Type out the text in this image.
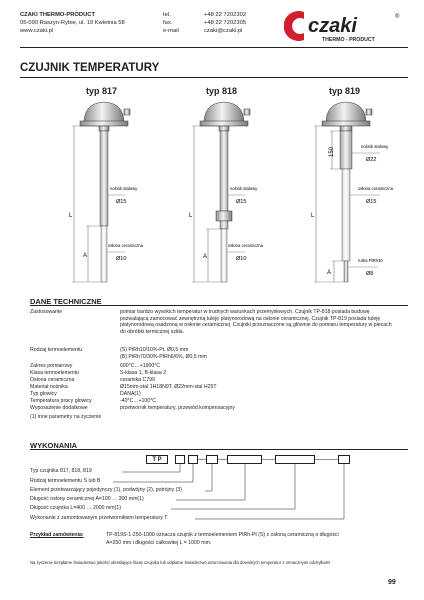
CZAKI THERMO-PRODUCT
05-090 Raszyn-Rybie, ul. 19 Kwietnia 58
www.czaki.pl
tel.
fax.
e-mail
+48 22 7202302
+48 22 7202305
czaki@czaki.pl	czaki	®
THERMO - PRODUCT
CZUJNIK TEMPERATURY
typ 817	typ 818	typ 819
L
A
nośnik stalowy
Ø15
osłona ceramiczna
Ø10
L
A
nośnik stalowy
Ø15
osłona ceramiczna
Ø10
150
L
A
nośnik stalowy
Ø22
osłona ceramiczna
Ø15
rurka PtRh30
Ø8
DANE TECHNICZNE
Zastosowanie	pomiar bardzo wysokich temperatur w trudnych warunkach przemysłowych. Czujnik TP-818 posiada budowę pozwalającą zamocować zewnętrzną tuleję platynorodową na osłonie ceramicznej. Czujnik TP-819 posiada tuleję platynorodową osadzoną w osłonie ceramicznej. Czujniki przeznaczone są głównie do pomiaru temperatury w piecach do obróbki termicznej szkła.
Rodzaj termoelementu	(S) PtRh10/10%-Pt, Ø0,5 mm
(B) PtRh70/30%-PtRh6/6%, Ø0,5 mm
Zakres pomiarowy	600°C…+1900°C
Klasa termoelementu	S-klasa 1, B-klasa 2
Osłona ceramiczna	ceramika C799
Materiał nośnika	Ø15mm-stal 1H18N9T, Ø22mm-stal H25T
Typ głowicy	DANA(1)
Temperatura pracy głowicy	-40°C…+100°C
Wyposażenie dodatkowe	przetwornik temperatury, przewód kompensacyjny
(1) inne parametry na życzenie
WYKONANIA
T P
Typ czujnika 817, 818, 819
Rodzaj termoelementu S lub B
Element przetwarzający pojedynczy (1), podwójny (2), potrójny (3)
Długość osłony ceramicznej A=100 … 300 mm(1)
Długość czujnika L=400 … 2000 mm(1)
Wykonanie z zamontowanym przetwornikiem temperatury T
Przykład zamówienia:	TP-819S-1-250-1000 oznacza czujnik z termoelementem PtRh-Pt (S) z osłoną ceramiczną o długości
A=250 mm i długości całkowitej L = 1000 mm.
Na życzenie bezpłatne Świadectwo jakości określające klasę czujnika lub odpłatne Świadectwo wzorcowania dla dowolnych temperatur z ormacznymi odchyłkami
99
